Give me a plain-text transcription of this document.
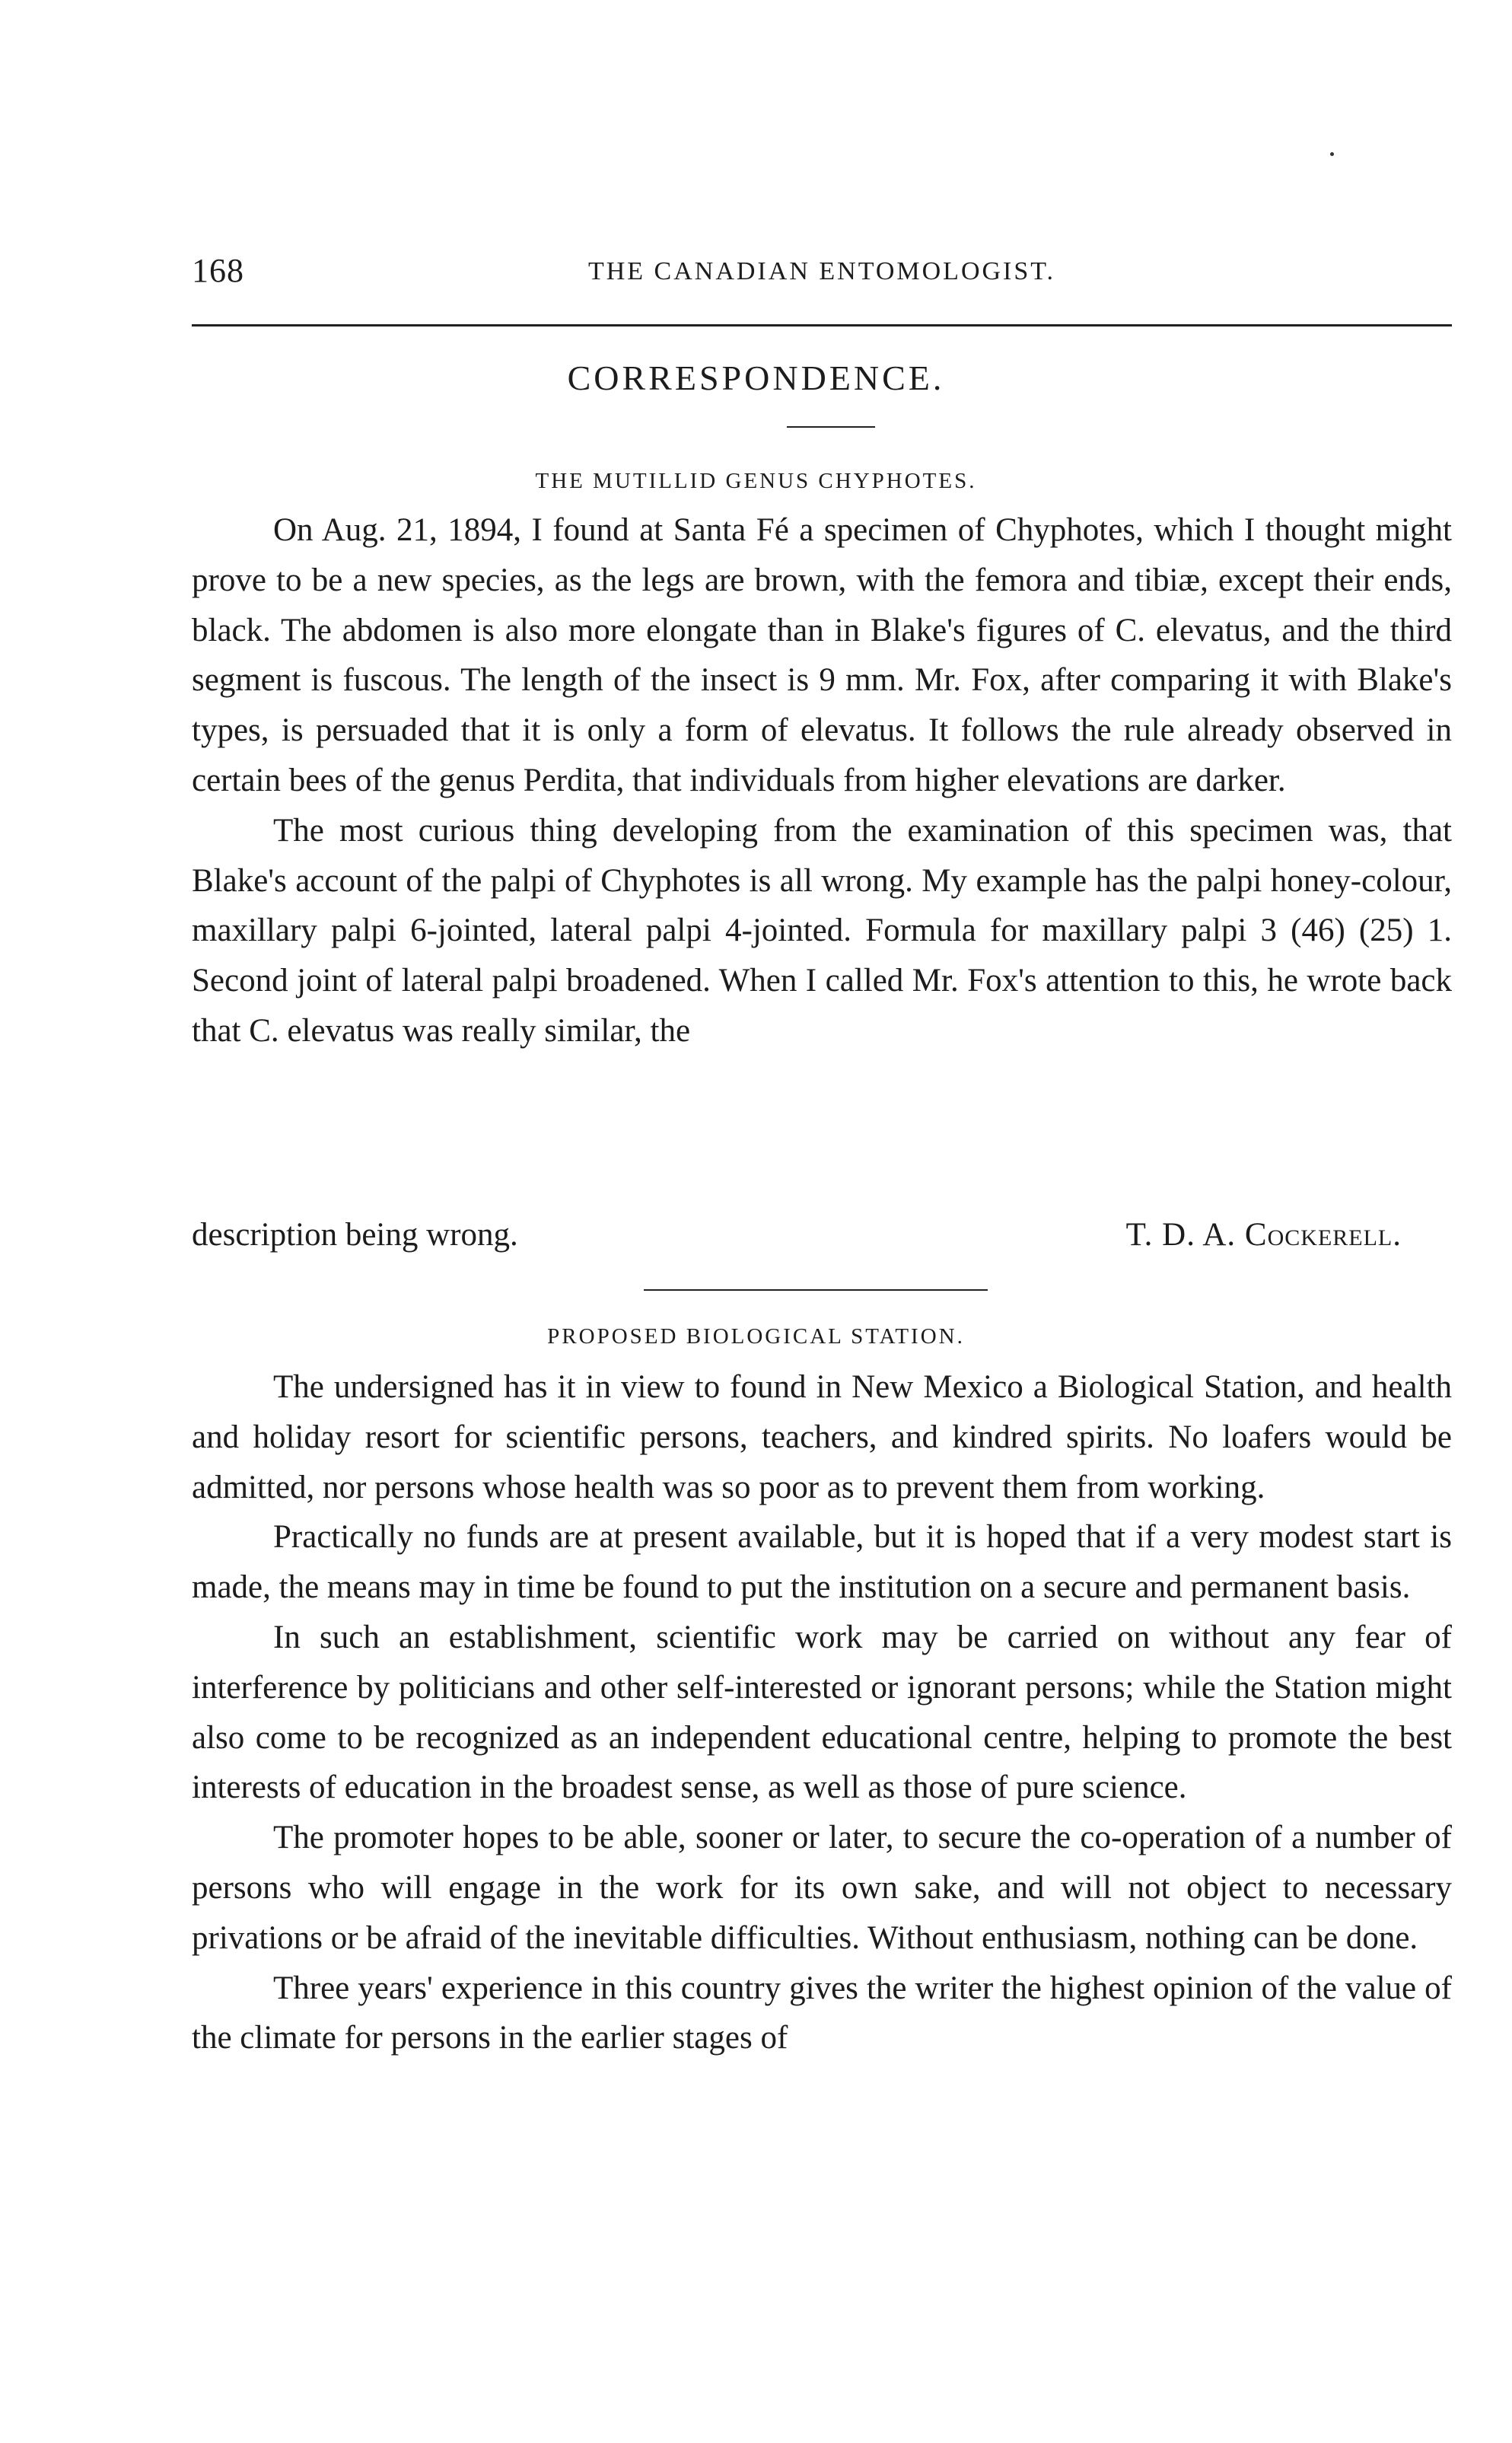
168	THE CANADIAN ENTOMOLOGIST.
CORRESPONDENCE.
THE MUTILLID GENUS CHYPHOTES.

On Aug. 21, 1894, I found at Santa Fé a specimen of Chyphotes, which I thought might prove to be a new species, as the legs are brown, with the femora and tibiæ, except their ends, black. The abdomen is also more elongate than in Blake's figures of C. elevatus, and the third segment is fuscous. The length of the insect is 9 mm. Mr. Fox, after comparing it with Blake's types, is persuaded that it is only a form of elevatus. It follows the rule already observed in certain bees of the genus Perdita, that individuals from higher elevations are darker.

The most curious thing developing from the examination of this specimen was, that Blake's account of the palpi of Chyphotes is all wrong. My example has the palpi honey-colour, maxillary palpi 6-jointed, lateral palpi 4-jointed. Formula for maxillary palpi 3 (46) (25) 1. Second joint of lateral palpi broadened. When I called Mr. Fox's attention to this, he wrote back that C. elevatus was really similar, the

description being wrong.	T. D. A. Cockerell.
PROPOSED BIOLOGICAL STATION.

The undersigned has it in view to found in New Mexico a Biological Station, and health and holiday resort for scientific persons, teachers, and kindred spirits. No loafers would be admitted, nor persons whose health was so poor as to prevent them from working.

Practically no funds are at present available, but it is hoped that if a very modest start is made, the means may in time be found to put the institution on a secure and permanent basis.

In such an establishment, scientific work may be carried on without any fear of interference by politicians and other self-interested or ignorant persons; while the Station might also come to be recognized as an independent educational centre, helping to promote the best interests of education in the broadest sense, as well as those of pure science.

The promoter hopes to be able, sooner or later, to secure the co-operation of a number of persons who will engage in the work for its own sake, and will not object to necessary privations or be afraid of the inevitable difficulties. Without enthusiasm, nothing can be done.

Three years' experience in this country gives the writer the highest opinion of the value of the climate for persons in the earlier stages of
